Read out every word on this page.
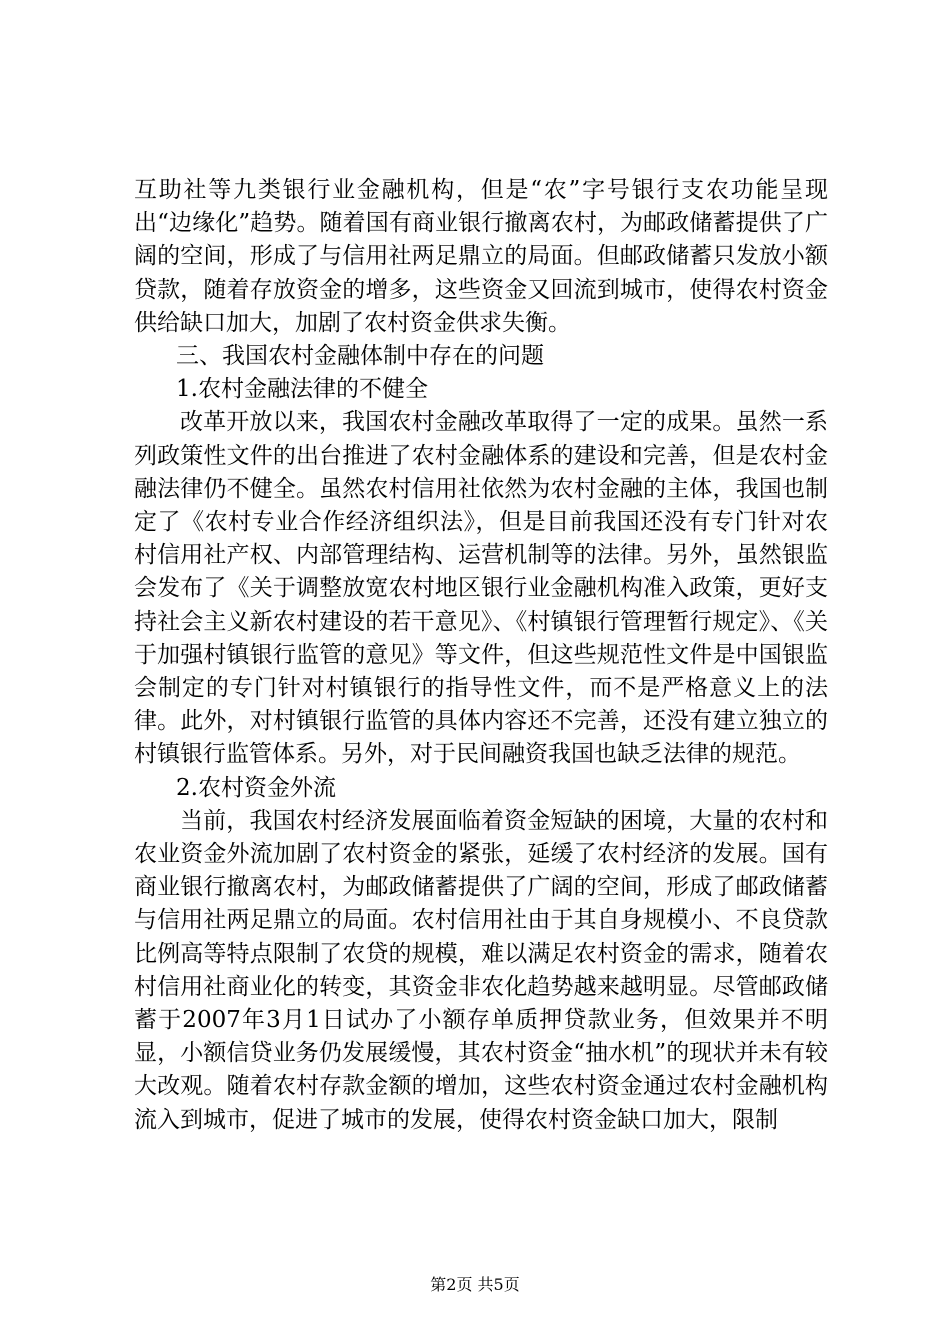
互助社等九类银行业金融机构，但是“农”字号银行支农功能呈现出“边缘化”趋势。随着国有商业银行撤离农村，为邮政储蓄提供了广阔的空间，形成了与信用社两足鼎立的局面。但邮政储蓄只发放小额贷款，随着存放资金的增多，这些资金又回流到城市，使得农村资金供给缺口加大，加剧了农村资金供求失衡。

三、我国农村金融体制中存在的问题

1.农村金融法律的不健全

改革开放以来，我国农村金融改革取得了一定的成果。虽然一系列政策性文件的出台推进了农村金融体系的建设和完善，但是农村金融法律仍不健全。虽然农村信用社依然为农村金融的主体，我国也制定了《农村专业合作经济组织法》，但是目前我国还没有专门针对农村信用社产权、内部管理结构、运营机制等的法律。另外，虽然银监会发布了《关于调整放宽农村地区银行业金融机构准入政策，更好支持社会主义新农村建设的若干意见》、《村镇银行管理暂行规定》、《关于加强村镇银行监管的意见》等文件，但这些规范性文件是中国银监会制定的专门针对村镇银行的指导性文件，而不是严格意义上的法律。此外，对村镇银行监管的具体内容还不完善，还没有建立独立的村镇银行监管体系。另外，对于民间融资我国也缺乏法律的规范。

2.农村资金外流

当前，我国农村经济发展面临着资金短缺的困境，大量的农村和农业资金外流加剧了农村资金的紧张，延缓了农村经济的发展。国有商业银行撤离农村，为邮政储蓄提供了广阔的空间，形成了邮政储蓄与信用社两足鼎立的局面。农村信用社由于其自身规模小、不良贷款比例高等特点限制了农贷的规模，难以满足农村资金的需求，随着农村信用社商业化的转变，其资金非农化趋势越来越明显。尽管邮政储蓄于2007年3月1日试办了小额存单质押贷款业务，但效果并不明显，小额信贷业务仍发展缓慢，其农村资金“抽水机”的现状并未有较大改观。随着农村存款金额的增加，这些农村资金通过农村金融机构流入到城市，促进了城市的发展，使得农村资金缺口加大，限制

第2页 共5页
